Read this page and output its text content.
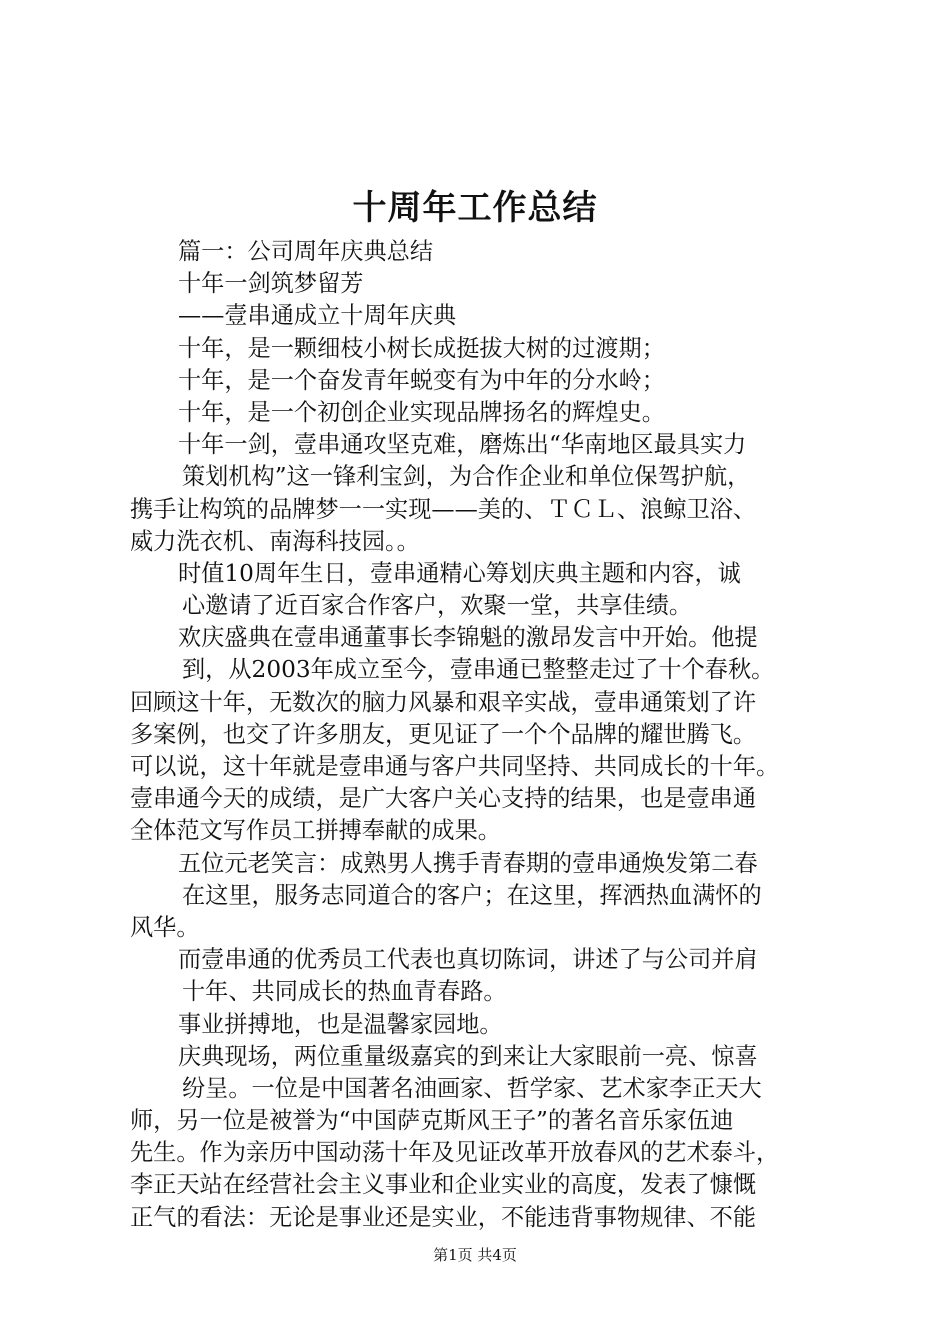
十周年工作总结
篇一：公司周年庆典总结
十年一剑筑梦留芳
——壹串通成立十周年庆典
十年，是一颗细枝小树长成挺拔大树的过渡期；
十年，是一个奋发青年蜕变有为中年的分水岭；
十年，是一个初创企业实现品牌扬名的辉煌史。
十年一剑，壹串通攻坚克难，磨炼出“华南地区最具实力
策划机构”这一锋利宝剑，为合作企业和单位保驾护航，
携手让构筑的品牌梦一一实现——美的、ＴＣＬ、浪鲸卫浴、
威力洗衣机、南海科技园。。
时值10周年生日，壹串通精心筹划庆典主题和内容，诚
心邀请了近百家合作客户，欢聚一堂，共享佳绩。
欢庆盛典在壹串通董事长李锦魁的激昂发言中开始。他提
到，从2003年成立至今，壹串通已整整走过了十个春秋。
回顾这十年，无数次的脑力风暴和艰辛实战，壹串通策划了许
多案例，也交了许多朋友，更见证了一个个品牌的耀世腾飞。
可以说，这十年就是壹串通与客户共同坚持、共同成长的十年。
壹串通今天的成绩，是广大客户关心支持的结果，也是壹串通
全体范文写作员工拼搏奉献的成果。
五位元老笑言：成熟男人携手青春期的壹串通焕发第二春
在这里，服务志同道合的客户；在这里，挥洒热血满怀的
风华。
而壹串通的优秀员工代表也真切陈词，讲述了与公司并肩
十年、共同成长的热血青春路。
事业拼搏地，也是温馨家园地。
庆典现场，两位重量级嘉宾的到来让大家眼前一亮、惊喜
纷呈。一位是中国著名油画家、哲学家、艺术家李正天大
师，另一位是被誉为“中国萨克斯风王子”的著名音乐家伍迪
先生。作为亲历中国动荡十年及见证改革开放春风的艺术泰斗，
李正天站在经营社会主义事业和企业实业的高度，发表了慷慨
正气的看法：无论是事业还是实业，不能违背事物规律、不能
第1页 共4页
